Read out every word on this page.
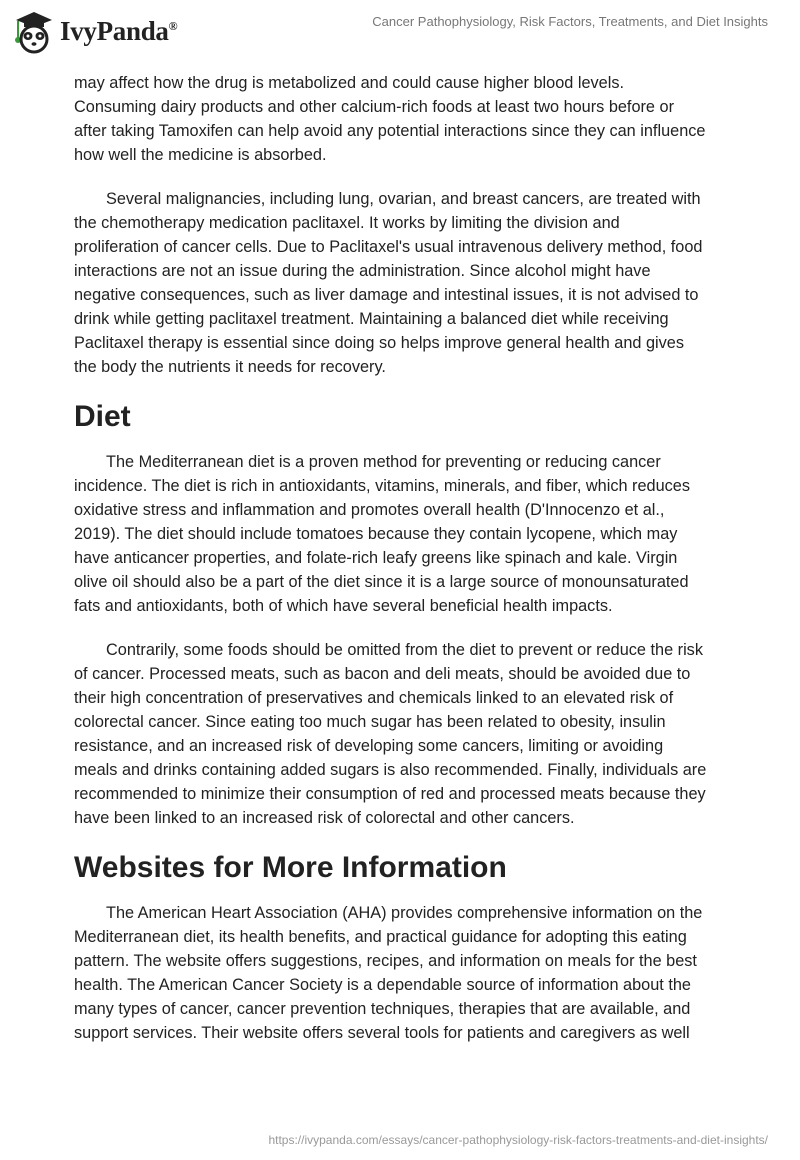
IvyPanda®	Cancer Pathophysiology, Risk Factors, Treatments, and Diet Insights

may affect how the drug is metabolized and could cause higher blood levels.
Consuming dairy products and other calcium-rich foods at least two hours before or
after taking Tamoxifen can help avoid any potential interactions since they can influence
how well the medicine is absorbed.

Several malignancies, including lung, ovarian, and breast cancers, are treated with
the chemotherapy medication paclitaxel. It works by limiting the division and
proliferation of cancer cells. Due to Paclitaxel's usual intravenous delivery method, food
interactions are not an issue during the administration. Since alcohol might have
negative consequences, such as liver damage and intestinal issues, it is not advised to
drink while getting paclitaxel treatment. Maintaining a balanced diet while receiving
Paclitaxel therapy is essential since doing so helps improve general health and gives
the body the nutrients it needs for recovery.

Diet

The Mediterranean diet is a proven method for preventing or reducing cancer
incidence. The diet is rich in antioxidants, vitamins, minerals, and fiber, which reduces
oxidative stress and inflammation and promotes overall health (D'Innocenzo et al.,
2019). The diet should include tomatoes because they contain lycopene, which may
have anticancer properties, and folate-rich leafy greens like spinach and kale. Virgin
olive oil should also be a part of the diet since it is a large source of monounsaturated
fats and antioxidants, both of which have several beneficial health impacts.

Contrarily, some foods should be omitted from the diet to prevent or reduce the risk
of cancer. Processed meats, such as bacon and deli meats, should be avoided due to
their high concentration of preservatives and chemicals linked to an elevated risk of
colorectal cancer. Since eating too much sugar has been related to obesity, insulin
resistance, and an increased risk of developing some cancers, limiting or avoiding
meals and drinks containing added sugars is also recommended. Finally, individuals are
recommended to minimize their consumption of red and processed meats because they
have been linked to an increased risk of colorectal and other cancers.

Websites for More Information

The American Heart Association (AHA) provides comprehensive information on the
Mediterranean diet, its health benefits, and practical guidance for adopting this eating
pattern. The website offers suggestions, recipes, and information on meals for the best
health. The American Cancer Society is a dependable source of information about the
many types of cancer, cancer prevention techniques, therapies that are available, and
support services. Their website offers several tools for patients and caregivers as well

https://ivypanda.com/essays/cancer-pathophysiology-risk-factors-treatments-and-diet-insights/
